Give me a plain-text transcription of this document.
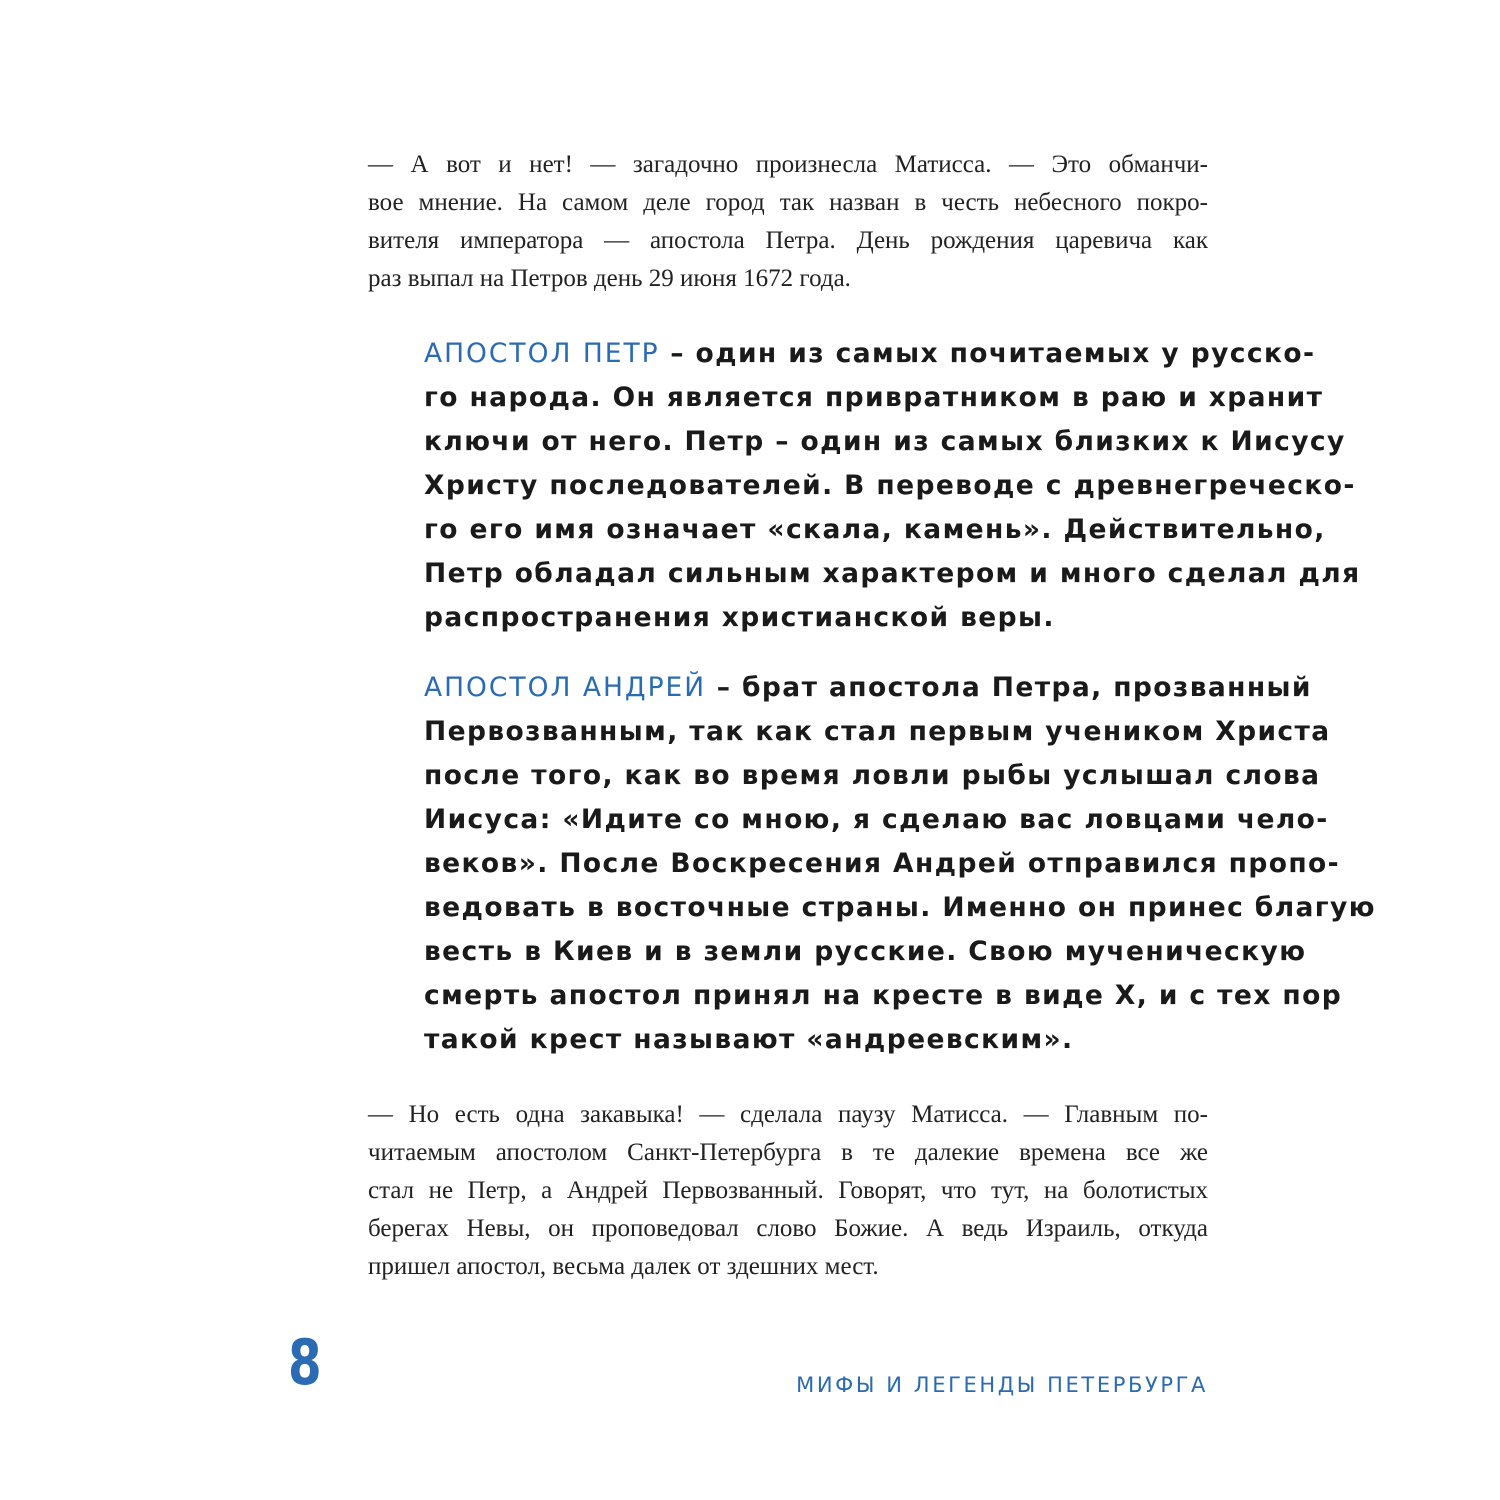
— А вот и нет! — загадочно произнесла Матисса. — Это обманчи-
вое мнение. На самом деле город так назван в честь небесного покро-
вителя императора — апостола Петра. День рождения царевича как
раз выпал на Петров день 29 июня 1672 года.

АПОСТОЛ ПЕТР – один из самых почитаемых у русско-
го народа. Он является привратником в раю и хранит
ключи от него. Петр – один из самых близких к Иисусу
Христу последователей. В переводе с древнегреческо-
го его имя означает «скала, камень». Действительно,
Петр обладал сильным характером и много сделал для
распространения христианской веры.
АПОСТОЛ АНДРЕЙ – брат апостола Петра, прозванный
Первозванным, так как стал первым учеником Христа
после того, как во время ловли рыбы услышал слова
Иисуса: «Идите со мною, я сделаю вас ловцами чело-
веков». После Воскресения Андрей отправился пропо-
ведовать в восточные страны. Именно он принес благую
весть в Киев и в земли русские. Свою мученическую
смерть апостол принял на кресте в виде Х, и с тех пор
такой крест называют «андреевским».

— Но есть одна закавыка! — сделала паузу Матисса. — Главным по-
читаемым апостолом Санкт-Петербурга в те далекие времена все же
стал не Петр, а Андрей Первозванный. Говорят, что тут, на болотистых
берегах Невы, он проповедовал слово Божие. А ведь Израиль, откуда
пришел апостол, весьма далек от здешних мест.

8	МИФЫ И ЛЕГЕНДЫ ПЕТЕРБУРГА
